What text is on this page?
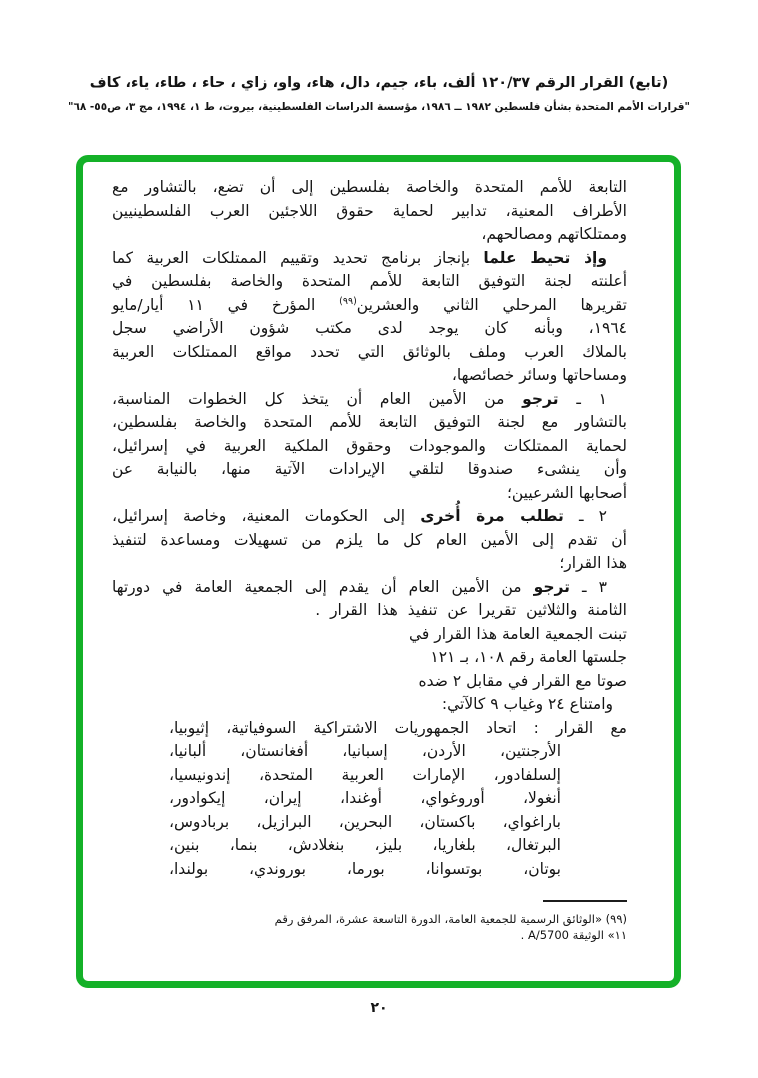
(تابع) القرار الرقم ١٢٠/٣٧ ألف، باء، جيم، دال، هاء، واو، زاي ، حاء ، طاء، ياء، كاف
"قرارات الأمم المتحدة بشأن فلسطين ١٩٨٢ ــ ١٩٨٦، مؤسسة الدراسات الفلسطينية، بيروت، ط ١، ١٩٩٤، مج ٣، ص٥٥- ٦٨"
التابعة للأمم المتحدة والخاصة بفلسطين إلى أن تضع، بالتشاور مع
الأطراف المعنية، تدابير لحماية حقوق اللاجئين العرب الفلسطينيين
وممتلكاتهم ومصالحهم،
وإذ تحيط علما بإنجاز برنامج تحديد وتقييم الممتلكات العربية كما
أعلنته لجنة التوفيق التابعة للأمم المتحدة والخاصة بفلسطين في
تقريرها المرحلي الثاني والعشرين$^{(٩٩)}$ المؤرخ في ١١ أيار/مايو
١٩٦٤، وبأنه كان يوجد لدى مكتب شؤون الأراضي سجل
بالملاك العرب وملف بالوثائق التي تحدد مواقع الممتلكات العربية
ومساحاتها وسائر خصائصها،
١ ـ ترجو من الأمين العام أن يتخذ كل الخطوات المناسبة،
بالتشاور مع لجنة التوفيق التابعة للأمم المتحدة والخاصة بفلسطين،
لحماية الممتلكات والموجودات وحقوق الملكية العربية في إسرائيل،
وأن ينشىء صندوقا لتلقي الإيرادات الآتية منها، بالنيابة عن
أصحابها الشرعيين؛
٢ ـ تطلب مرة أُخرى إلى الحكومات المعنية، وخاصة إسرائيل،
أن تقدم إلى الأمين العام كل ما يلزم من تسهيلات ومساعدة لتنفيذ
هذا القرار؛
٣ ـ ترجو من الأمين العام أن يقدم إلى الجمعية العامة في دورتها
الثامنة والثلاثين تقريرا عن تنفيذ هذا القرار .
تبنت الجمعية العامة هذا القرار في
جلستها العامة رقم ١٠٨، بـ ١٢١
صوتا مع القرار في مقابل ٢ ضده
وامتناع ٢٤ وغياب ٩ كالآتي:
مع القرار : اتحاد الجمهوريات الاشتراكية السوفياتية، إثيوبيا،
الأرجنتين، الأردن، إسبانيا، أفغانستان، ألبانيا،
إلسلفادور، الإمارات العربية المتحدة، إندونيسيا،
أنغولا، أوروغواي، أوغندا، إيران، إيكوادور،
باراغواي، باكستان، البحرين، البرازيل، بربادوس،
البرتغال، بلغاريا، بليز، بنغلادش، بنما، بنين،
بوتان، بوتسوانا، بورما، بوروندي، بولندا،
(٩٩) «الوثائق الرسمية للجمعية العامة، الدورة التاسعة عشرة، المرفق رقم
١١» الوثيقة A/5700 .
٢٠
